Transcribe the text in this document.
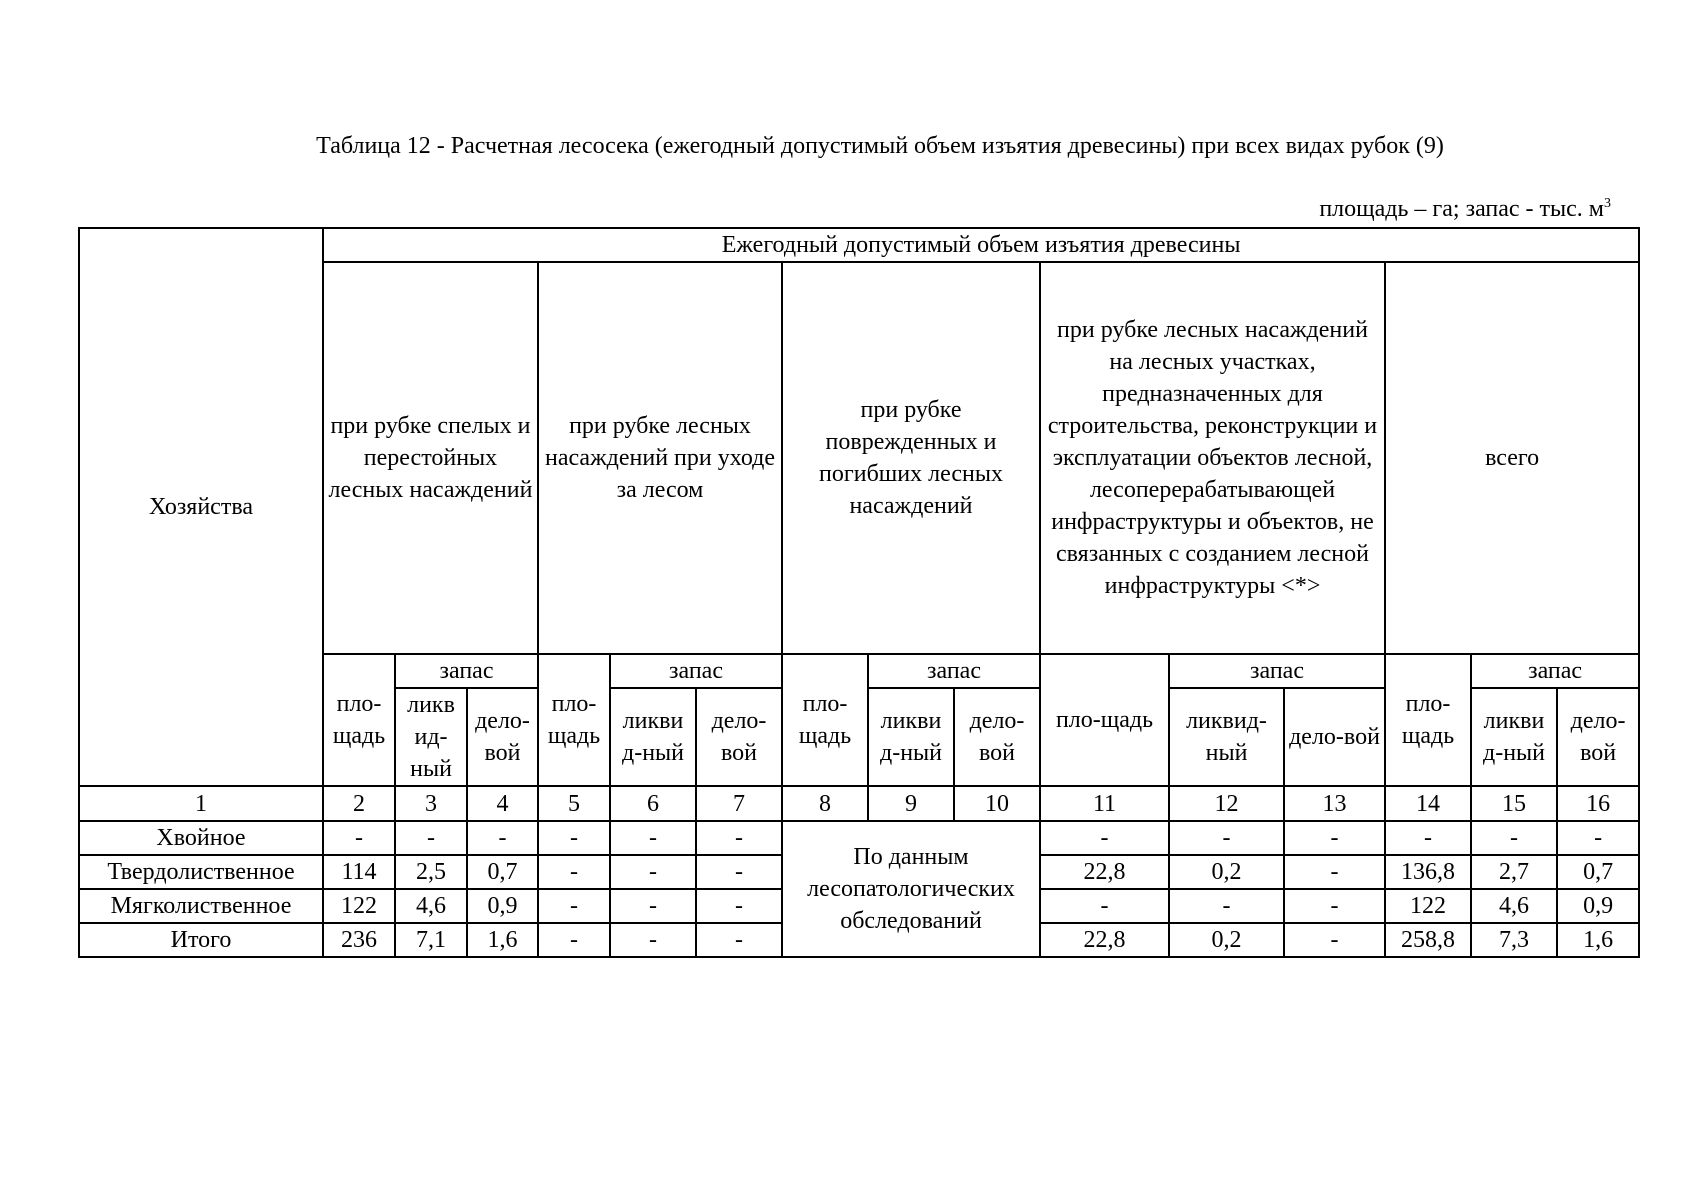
Таблица 12 - Расчетная лесосека (ежегодный допустимый объем изъятия древесины) при всех видах рубок (9)
площадь – га; запас - тыс. $м^3$
Хозяйства	Ежегодный допустимый объем изъятия древесины														
	при рубке спелых и перестойных лесных насаждений			при рубке лесных насаждений при уходе за лесом			при рубке поврежденных и погибших лесных насаждений			при рубке лесных насаждений на лесных участках, предназначенных для строительства, реконструкции и эксплуатации объектов лесной, лесоперерабатывающей инфраструктуры и объектов, не связанных с созданием лесной инфраструктуры <*>			всего		
	пло-щадь	запас		пло-щадь	запас		пло-щадь	запас		пло-щадь	запас		пло-щадь	запас	
		ликв ид-ный	дело-вой		ликви д-ный	дело-вой		ликви д-ный	дело-вой		ликвид-ный	дело-вой		ликви д-ный	дело-вой
1	2	3	4	5	6	7	8	9	10	11	12	13	14	15	16
Хвойное	-	-	-	-	-	-	По данным лесопатологических обследований			-	-	-	-	-	-
Твердолиственное	114	2,5	0,7	-	-	-				22,8	0,2	-	136,8	2,7	0,7
Мягколиственное	122	4,6	0,9	-	-	-				-	-	-	122	4,6	0,9
Итого	236	7,1	1,6	-	-	-				22,8	0,2	-	258,8	7,3	1,6
